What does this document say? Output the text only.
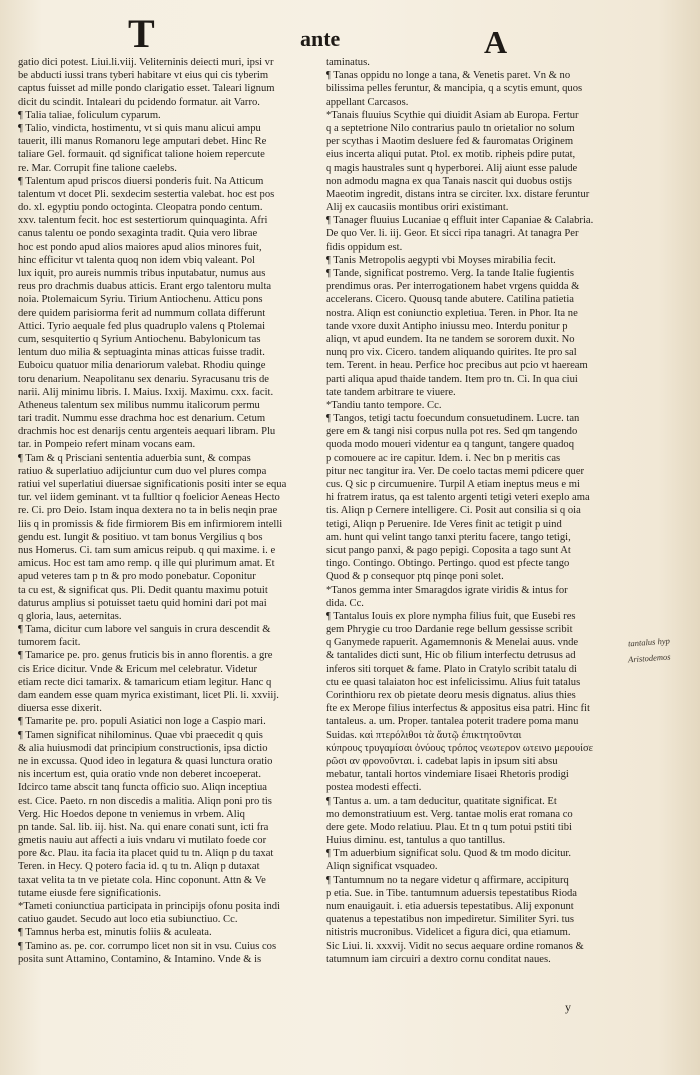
T	ante	A
gatio dici potest. Liui.li.viij. Veliterninis deiecti muri, ipsi vr
be abducti iussi trans tyberi habitare vt eius qui cis tyberim
captus fuisset ad mille pondo clarigatio esset. Taleari lignum
dicit du scindit. Intaleari du pcidendo formatur. ait Varro.
¶ Talia taliae, foliculum cyparum.
¶ Talio, vindicta, hostimentu, vt si quis manu alicui ampu
tauerit, illi manus Romanoru lege amputari debet. Hinc Re
taliare Gel. formauit. qd significat talione hoiem repercute
re. Mar. Corrupit fine talione caelebs.
¶ Talentum apud priscos diuersi ponderis fuit. Na Atticum
talentum vt docet Pli. sexdecim sestertia valebat. hoc est pos
do. xl. egyptiu pondo octoginta. Cleopatra pondo centum.
xxv. talentum fecit. hoc est sestertiorum quinquaginta. Afri
canus talentu oe pondo sexaginta tradit. Quia vero librae
hoc est pondo apud alios maiores apud alios minores fuit,
hinc efficitur vt talenta quoq non idem vbiq valeant. Pol
lux iquit, pro aureis nummis tribus inputabatur, numus aus
reus pro drachmis duabus atticis. Erant ergo talentoru multa
noia. Ptolemaicum Syriu. Tirium Antiochenu. Atticu pons
dere quidem parisiorma ferit ad nummum collata differunt
Attici. Tyrio aequale fed plus quadruplo valens q Ptolemai
cum, sesquitertio q Syrium Antiochenu. Babylonicum tas
lentum duo milia & septuaginta minas atticas fuisse tradit.
Euboicu quatuor milia denariorum valebat. Rhodiu quinge
toru denarium. Neapolitanu sex denariu. Syracusanu tris de
narii. Alij minimu libris. I. Maius. Ixxij. Maximu. cxx. facit.
Atheneus talentum sex milibus nummu italicorum permu
tari tradit. Nummu esse drachma hoc est denarium. Cetum
drachmis hoc est denarijs centu argenteis aequari libram. Plu
tar. in Pompeio refert minam vocans eam.
¶ Tam & q Prisciani sententia aduerbia sunt, & compas
ratiuo & superlatiuo adijciuntur cum duo vel plures compa
ratiui vel superlatiui diuersae significationis positi inter se equa
tur. vel iidem geminant. vt ta fulltior q foelicior Aeneas Hecto
re. Ci. pro Deio. Istam inqua dextera no ta in belis neqin prae
liis q in promissis & fide firmiorem Bis em infirmiorem intelli
gendu est. Iungit & positiuo. vt tam bonus Vergilius q bos
nus Homerus. Ci. tam sum amicus reipub. q qui maxime. i. e
amicus. Hoc est tam amo remp. q ille qui plurimum amat. Et
apud veteres tam p tn & pro modo ponebatur. Coponitur
ta cu est, & significat qus. Pli. Dedit quantu maximu potuit
daturus amplius si potuisset taetu quid homini dari pot mai
q gloria, laus, aeternitas.
¶ Tama, dicitur cum labore vel sanguis in crura descendit &
tumorem facit.
¶ Tamarice pe. pro. genus fruticis bis in anno florentis. a gre
cis Erice dicitur. Vnde & Ericum mel celebratur. Videtur
etiam recte dici tamarix. & tamaricum etiam legitur. Hanc q
dam eandem esse quam myrica existimant, licet Pli. li. xxviij.
diuersa esse dixerit.
¶ Tamarite pe. pro. populi Asiatici non loge a Caspio mari.
¶ Tamen significat nihilominus. Quae vbi praecedit q quis
& alia huiusmodi dat principium constructionis, ipsa dictio
ne in excussa. Quod ideo in legatura & quasi lunctura oratio
nis incertum est, quia oratio vnde non deberet incoeperat.
Idcirco tame abscit tanq functa officio suo. Aliqn inceptiua
est. Cice. Paeto. rn non discedis a malitia. Aliqn poni pro tis
Verg. Hic Hoedos depone tn veniemus in vrbem. Aliq
pn tande. Sal. lib. iij. hist. Na. qui enare conati sunt, icti fra
gmetis nauiu aut affecti a iuis vndaru vi mutilato foede cor
pore &c. Plau. ita facia ita placet quid tu tn. Aliqn p du taxat
Teren. in Hecy. Q potero facia id. q tu tn. Aliqn p dutaxat
taxat velita ta tn ve pietate cola. Hinc coponunt. Attn & Ve
tutame eiusde fere significationis.
*Tameti coniunctiua participata in principijs ofonu posita indi
catiuo gaudet. Secudo aut loco etia subiunctiuo. Cc.
¶ Tamnus herba est, minutis foliis & aculeata.
¶ Tamino as. pe. cor. corrumpo licet non sit in vsu. Cuius cos
posita sunt Attamino, Contamino, & Intamino. Vnde & is
taminatus.
¶ Tanas oppidu no longe a tana, & Venetis paret. Vn & no
bilissima pelles feruntur, & mancipia, q a scytis emunt, quos
appellant Carcasos.
*Tanais fluuius Scythie qui diuidit Asiam ab Europa. Fertur
q a septetrione Nilo contrarius paulo tn orietalior no solum
per scythas i Maotim desluere fed & fauromatas Originem
eius incerta aliqui putat. Ptol. ex motib. ripheis pdire putat,
q magis haustrales sunt q hyperborei. Alij aiunt esse palude
non admodu magna ex qua Tanais nascit qui duobus ostijs
Maeotim ingredit, distans intra se circiter. lxx. distare feruntur
Alij ex caucasiis montibus oriri existimant.
¶ Tanager fluuius Lucaniae q effluit inter Capaniae & Calabria.
De quo Ver. li. iij. Geor. Et sicci ripa tanagri. At tanagra Per
fidis oppidum est.
¶ Tanis Metropolis aegypti vbi Moyses mirabilia fecit.
¶ Tande, significat postremo. Verg. Ia tande Italie fugientis
prendimus oras. Per interrogationem habet vrgens quidda &
accelerans. Cicero. Quousq tande abutere. Catilina patietia
nostra. Aliqn est coniunctio expletiua. Teren. in Phor. Ita ne
tande vxore duxit Antipho iniussu meo. Interdu ponitur p
aliqn, vt apud eundem. Ita ne tandem se sororem duxit. No
nunq pro vix. Cicero. tandem aliquando quirites. Ite pro sal
tem. Terent. in heau. Perfice hoc precibus aut pcio vt haeream
parti aliqua apud thaide tandem. Item pro tn. Ci. In qua ciui
tate tandem arbitrare te viuere.
*Tandiu tanto tempore. Cc.
¶ Tangos, tetigi tactu foecundum consuetudinem. Lucre. tan
gere em & tangi nisi corpus nulla pot res. Sed qm tangendo
quoda modo moueri videntur ea q tangunt, tangere quadoq
p comouere ac ire capitur. Idem. i. Nec bn p meritis cas
pitur nec tangitur ira. Ver. De coelo tactas memi pdicere quer
cus. Q sic p circumuenire. Turpil A etiam ineptus meus e mi
hi fratrem iratus, qa est talento argenti tetigi veteri exeplo ama
tis. Aliqn p Cernere intelligere. Ci. Posit aut consilia si q oia
tetigi, Aliqn p Peruenire. Ide Veres finit ac tetigit p uind
am. hunt qui velint tango tanxi pteritu facere, tango tetigi,
sicut pango panxi, & pago pepigi. Coposita a tago sunt At
tingo. Contingo. Obtingo. Pertingo. quod est pfecte tango
Quod & p consequor ptq pinqe poni solet.
*Tanos gemma inter Smaragdos igrate viridis & intus for
dida. Cc.
¶ Tantalus Iouis ex plore nympha filius fuit, que Eusebi res
gem Phrygie cu troo Dardanie rege bellum gessisse scribit
q Ganymede rapuerit. Agamemnonis & Menelai auus. vnde
& tantalides dicti sunt, Hic ob filium interfectu detrusus ad
inferos siti torquet & fame. Plato in Cratylo scribit tatalu di
ctu ee quasi talaiaton hoc est infelicissimu. Alius fuit tatalus
Corinthioru rex ob pietate deoru mesis dignatus. alius thies
fte ex Merope filius interfectus & appositus eisa patri. Hinc fit
tantaleus. a. um. Proper. tantalea poterit tradere poma manu
Suidas. καὶ πτερόλιθοι τὰ ἄυτῷ ἐπικτητοῦνται
κύπρους τρυγαμίσαι ὀνύους τρόπος νεωτερον ωτεινο μερουίσε
ρῶσι αν φρονοῦνται. i. cadebat lapis in ipsum siti absu
mebatur, tantali hortos vindemiare Iisaei Rhetoris prodigi
postea modesti effecti.
¶ Tantus a. um. a tam deducitur, quatitate significat. Et
mo demonstratiuum est. Verg. tantae molis erat romana co
dere gete. Modo relatiuu. Plau. Et tn q tum potui pstiti tibi
Huius diminu. est, tantulus a quo tantillus.
¶ Tm aduerbium significat solu. Quod & tm modo dicitur.
Aliqn significat vsquadeo.
¶ Tantumnum no ta negare videtur q affirmare, accipiturq
p etia. Sue. in Tibe. tantumnum aduersis tepestatibus Rioda
num enauigauit. i. etia aduersis tepestatibus. Alij exponunt
quatenus a tepestatibus non impediretur. Similiter Syri. tus
nitistris mucronibus. Videlicet a figura dici, qua etiamum.
Sic Liui. li. xxxvij. Vidit no secus aequare ordine romanos &
tatumnum iam circuiri a dextro cornu conditat naues.
tantalus hyp
Aristodemos
y
